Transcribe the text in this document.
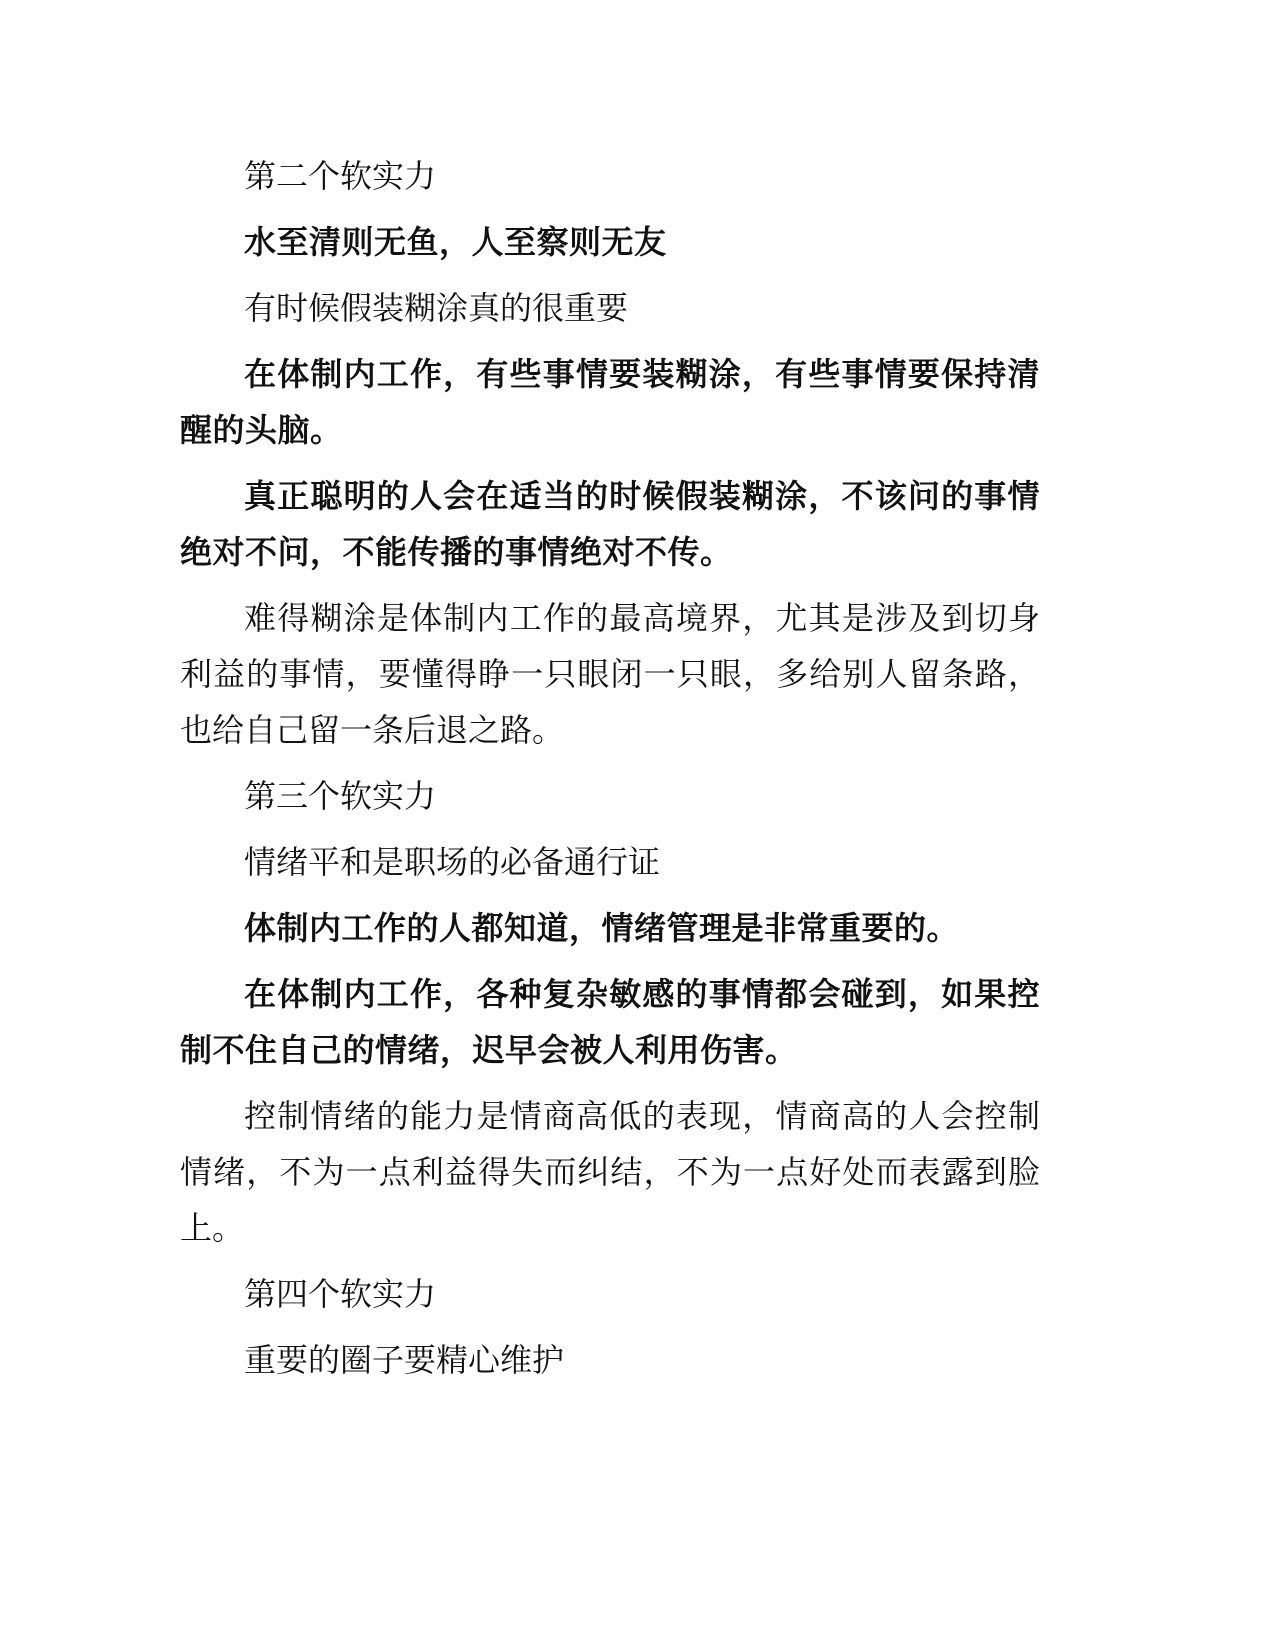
第二个软实力

水至清则无鱼，人至察则无友

有时候假装糊涂真的很重要

在体制内工作，有些事情要装糊涂，有些事情要保持清醒的头脑。

真正聪明的人会在适当的时候假装糊涂，不该问的事情绝对不问，不能传播的事情绝对不传。

难得糊涂是体制内工作的最高境界，尤其是涉及到切身利益的事情，要懂得睁一只眼闭一只眼，多给别人留条路，也给自己留一条后退之路。

第三个软实力

情绪平和是职场的必备通行证

体制内工作的人都知道，情绪管理是非常重要的。

在体制内工作，各种复杂敏感的事情都会碰到，如果控制不住自己的情绪，迟早会被人利用伤害。

控制情绪的能力是情商高低的表现，情商高的人会控制情绪，不为一点利益得失而纠结，不为一点好处而表露到脸上。

第四个软实力

重要的圈子要精心维护
